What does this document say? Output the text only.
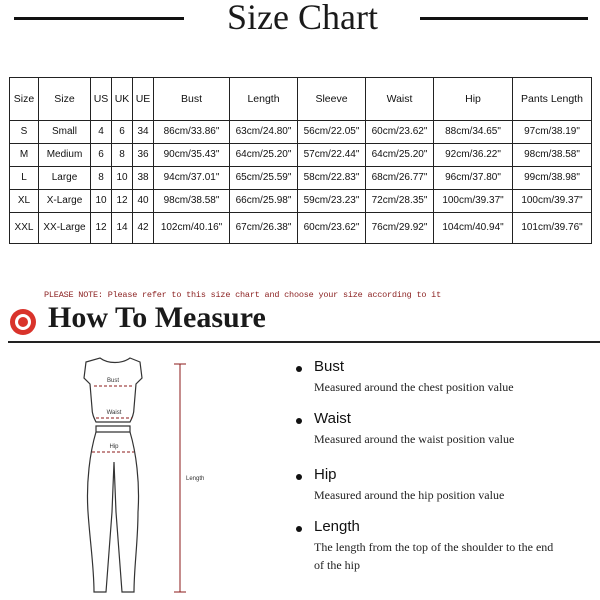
Size Chart
Size	Size	US	UK	UE	Bust	Length	Sleeve	Waist	Hip	Pants Length
S	Small	4	6	34	86cm/33.86"	63cm/24.80"	56cm/22.05"	60cm/23.62"	88cm/34.65"	97cm/38.19"
M	Medium	6	8	36	90cm/35.43"	64cm/25.20"	57cm/22.44"	64cm/25.20"	92cm/36.22"	98cm/38.58"
L	Large	8	10	38	94cm/37.01"	65cm/25.59"	58cm/22.83"	68cm/26.77"	96cm/37.80"	99cm/38.98"
XL	X-Large	10	12	40	98cm/38.58"	66cm/25.98"	59cm/23.23"	72cm/28.35"	100cm/39.37"	100cm/39.37"
XXL	XX-Large	12	14	42	102cm/40.16"	67cm/26.38"	60cm/23.62"	76cm/29.92"	104cm/40.94"	101cm/39.76"
PLEASE NOTE: Please refer to this size chart and choose your size according to it
How To Measure
Bust
Waist
Hip
Length
Bust
Measured around the chest position value
Waist
Measured around the waist position value
Hip
Measured around the hip position value
Length
The length from the top of the shoulder to the end of the hip
